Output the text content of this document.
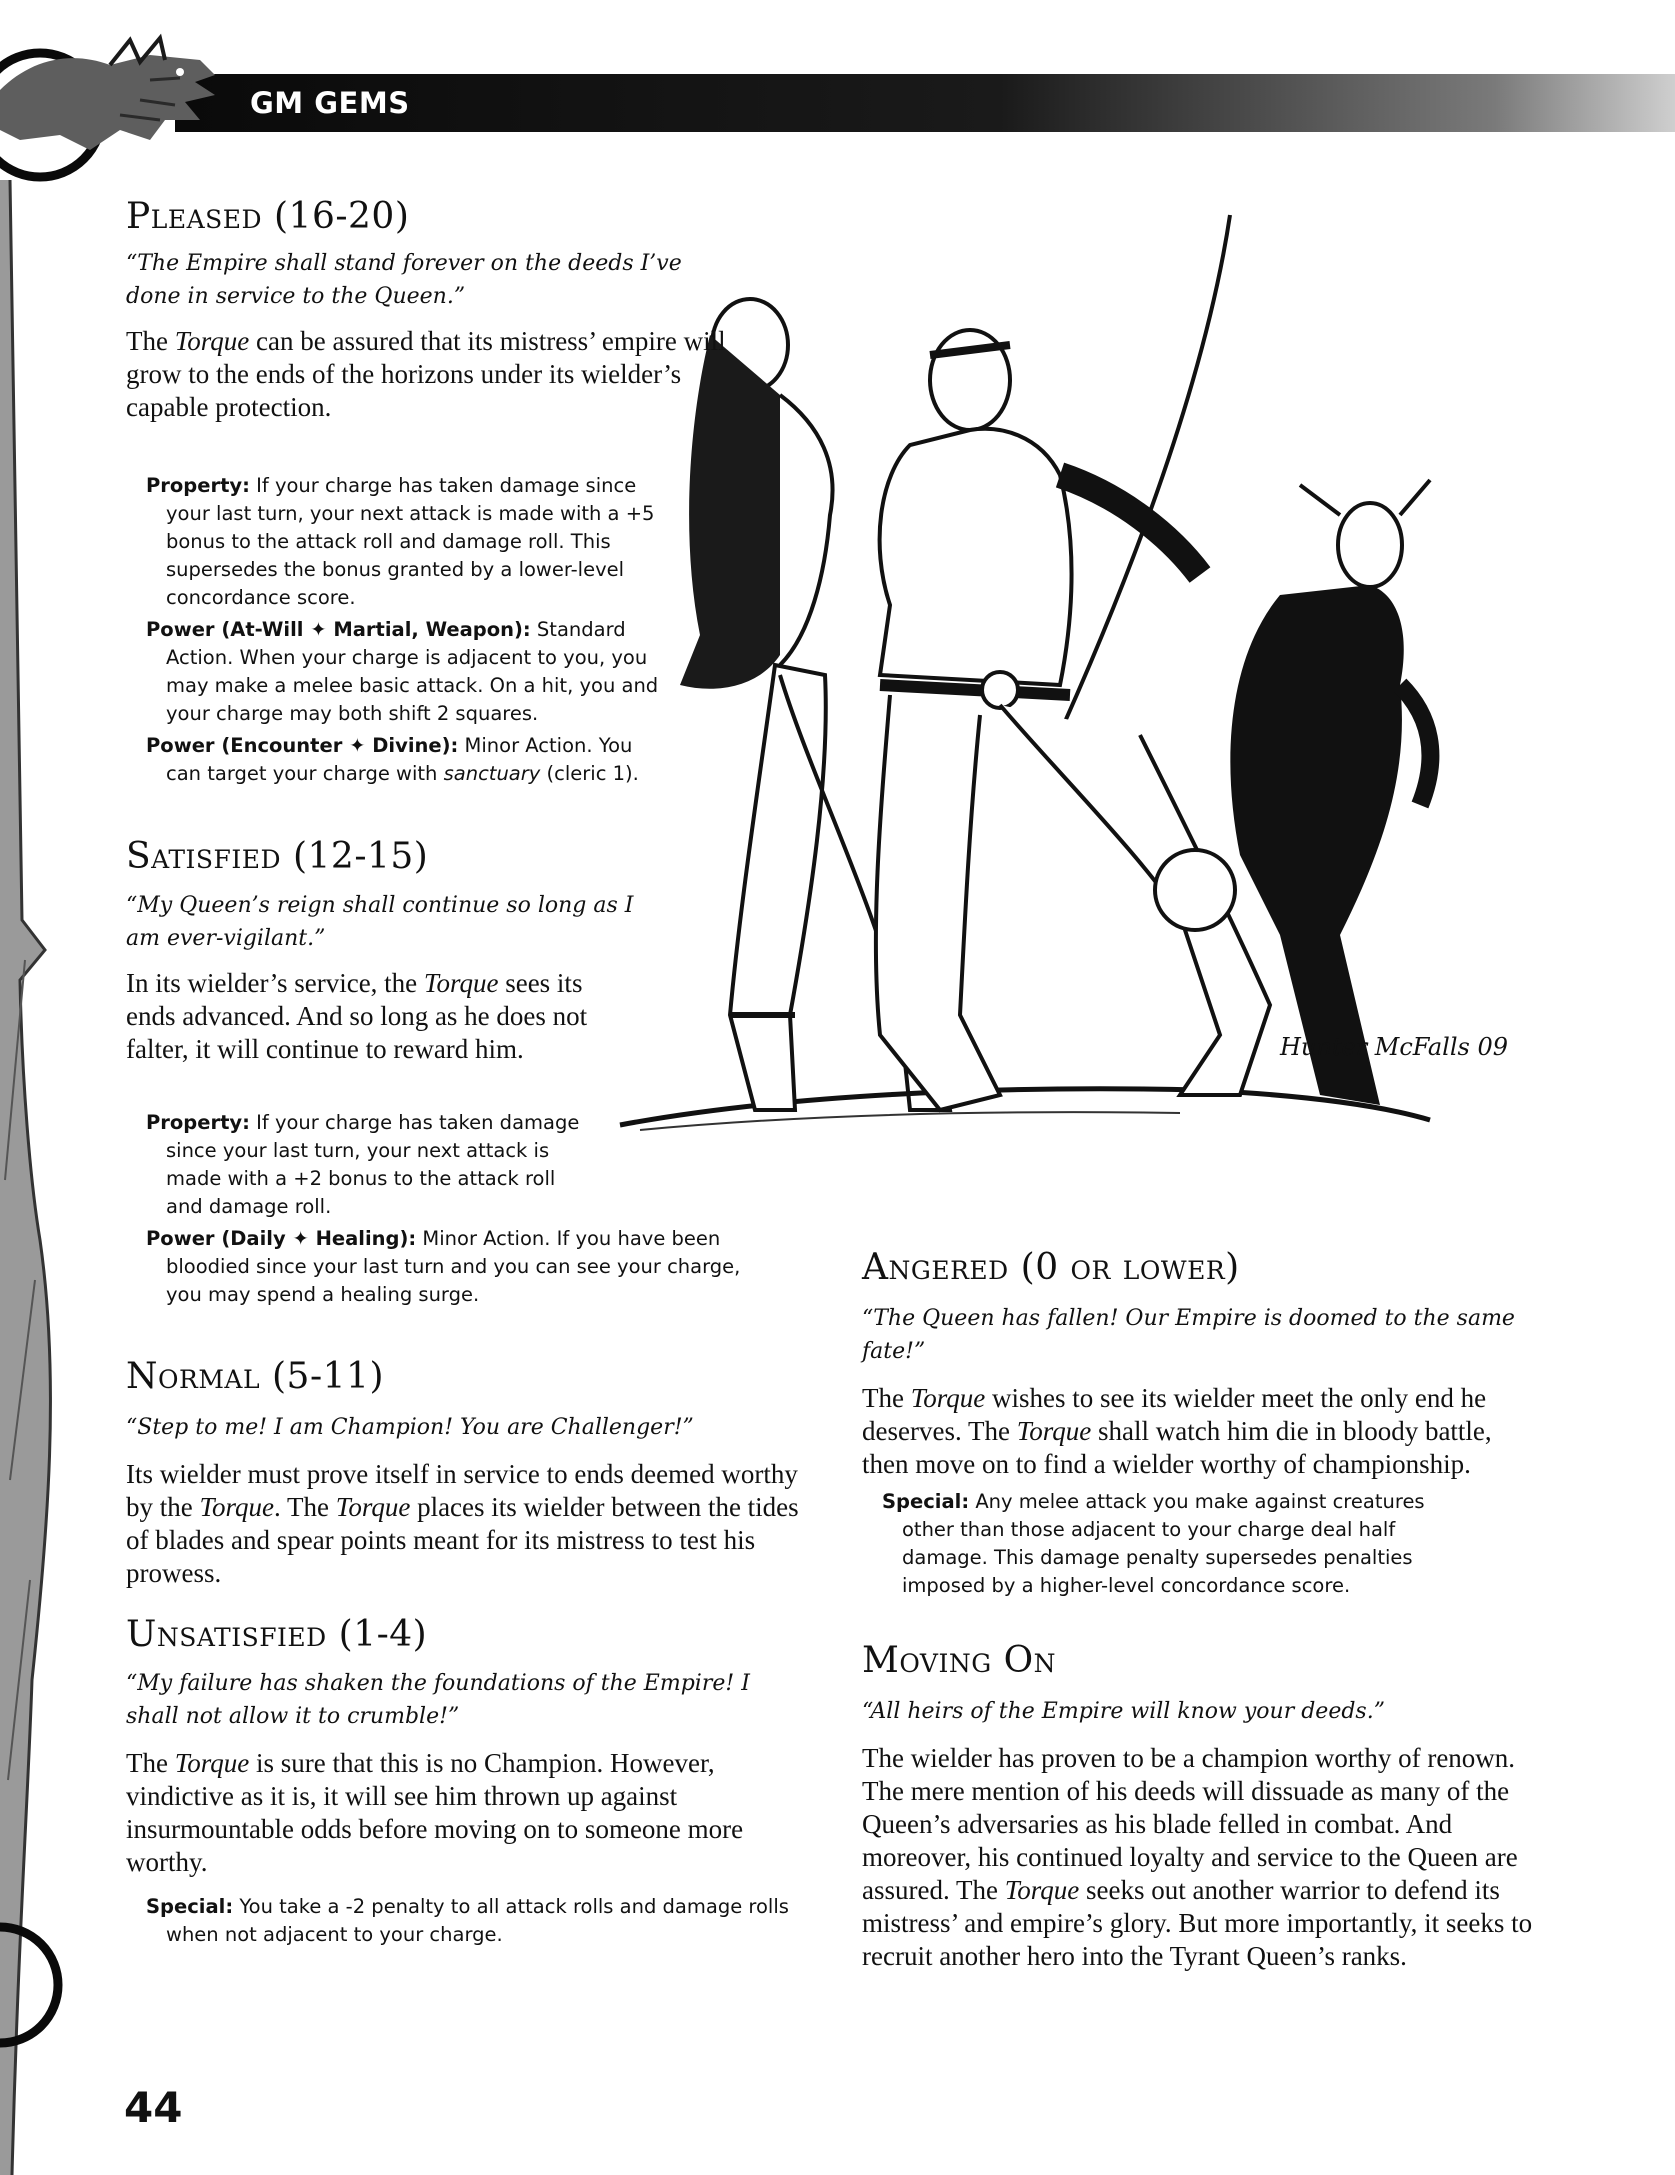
GM GEMS
Hunter McFalls 09
Pleased (16-20)

“The Empire shall stand forever on the deeds I’ve done in service to the Queen.”

The Torque can be assured that its mistress’ empire will grow to the ends of the horizons under its wielder’s capable protection.

Property: If your charge has taken damage since your last turn, your next attack is made with a +5 bonus to the attack roll and damage roll. This supersedes the bonus granted by a lower-level concordance score.

Power (At-Will ✦ Martial, Weapon): Standard Action. When your charge is adjacent to you, you may make a melee basic attack. On a hit, you and your charge may both shift 2 squares.

Power (Encounter ✦ Divine): Minor Action. You can target your charge with sanctuary (cleric 1).

Satisfied (12-15)

“My Queen’s reign shall continue so long as I am ever-vigilant.”

In its wielder’s service, the Torque sees its ends advanced. And so long as he does not falter, it will continue to reward him.

Property: If your charge has taken damage since your last turn, your next attack is made with a +2 bonus to the attack roll and damage roll.

Power (Daily ✦ Healing): Minor Action. If you have been bloodied since your last turn and you can see your charge, you may spend a healing surge.

Normal (5-11)

“Step to me! I am Champion! You are Challenger!”

Its wielder must prove itself in service to ends deemed worthy by the Torque. The Torque places its wielder between the tides of blades and spear points meant for its mistress to test his prowess.

Unsatisfied (1-4)

“My failure has shaken the foundations of the Empire! I shall not allow it to crumble!”

The Torque is sure that this is no Champion. However, vindictive as it is, it will see him thrown up against insurmountable odds before moving on to someone more worthy.

Special: You take a -2 penalty to all attack rolls and damage rolls when not adjacent to your charge.

Angered (0 or lower)

“The Queen has fallen! Our Empire is doomed to the same fate!”

The Torque wishes to see its wielder meet the only end he deserves. The Torque shall watch him die in bloody battle, then move on to find a wielder worthy of championship.

Special: Any melee attack you make against creatures other than those adjacent to your charge deal half damage. This damage penalty supersedes penalties imposed by a higher-level concordance score.

Moving On

“All heirs of the Empire will know your deeds.”

The wielder has proven to be a champion worthy of renown. The mere mention of his deeds will dissuade as many of the Queen’s adversaries as his blade felled in combat. And moreover, his continued loyalty and service to the Queen are assured. The Torque seeks out another warrior to defend its mistress’ and empire’s glory. But more importantly, it seeks to recruit another hero into the Tyrant Queen’s ranks.

44
